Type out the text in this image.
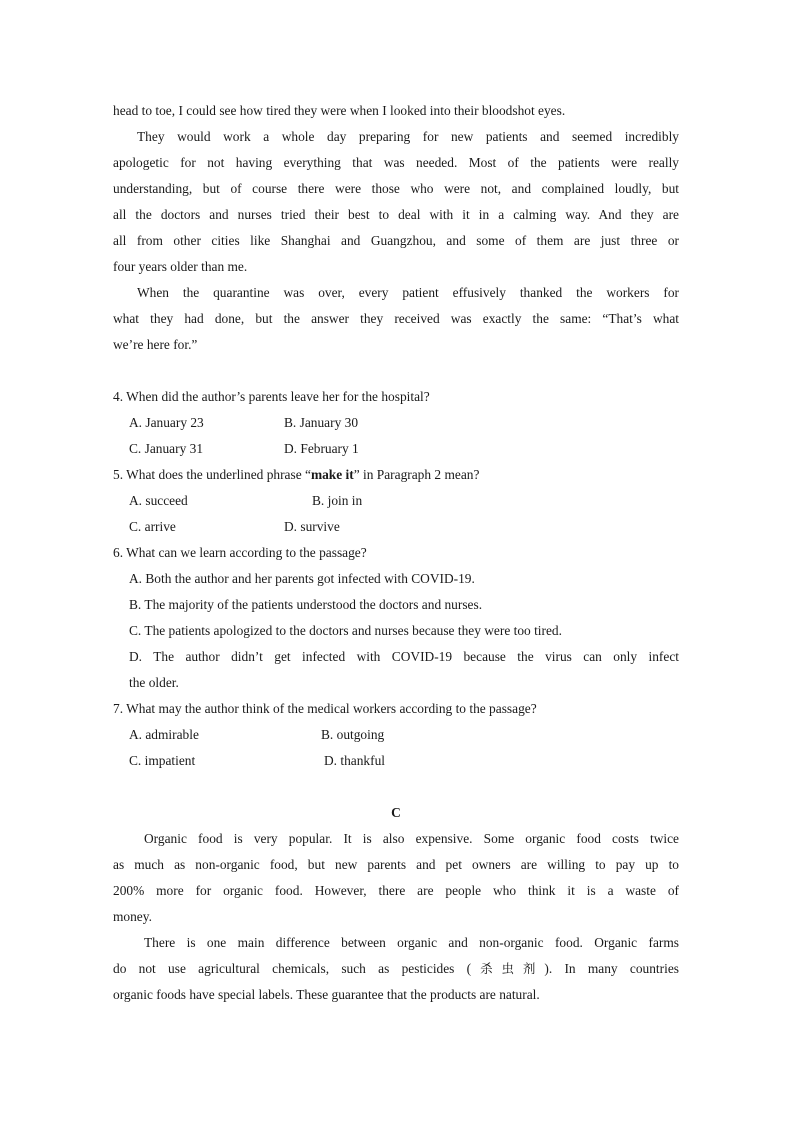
head to toe, I could see how tired they were when I looked into their bloodshot eyes.
They would work a whole day preparing for new patients and seemed incredibly
apologetic for not having everything that was needed. Most of the patients were really
understanding, but of course there were those who were not, and complained loudly, but
all the doctors and nurses tried their best to deal with it in a calming way. And they are
all from other cities like Shanghai and Guangzhou, and some of them are just three or
four years older than me.
When the quarantine was over, every patient effusively thanked the workers for
what they had done, but the answer they received was exactly the same: “That’s what
we’re here for.”
4. When did the author’s parents leave her for the hospital?
A. January 23	B. January 30
C. January 31	D. February 1
5. What does the underlined phrase “make it” in Paragraph 2 mean?
A. succeed	B. join in
C. arrive	D. survive
6. What can we learn according to the passage?
A. Both the author and her parents got infected with COVID-19.
B. The majority of the patients understood the doctors and nurses.
C. The patients apologized to the doctors and nurses because they were too tired.
D. The author didn’t get infected with COVID-19 because the virus can only infect
the older.
7. What may the author think of the medical workers according to the passage?
A. admirable	B. outgoing
C. impatient	D. thankful
C
Organic food is very popular. It is also expensive. Some organic food costs twice
as much as non-organic food, but new parents and pet owners are willing to pay up to
200% more for organic food. However, there are people who think it is a waste of
money.
There is one main difference between organic and non-organic food. Organic farms
do not use agricultural chemicals, such as pesticides (杀虫剂). In many countries
organic foods have special labels. These guarantee that the products are natural.
